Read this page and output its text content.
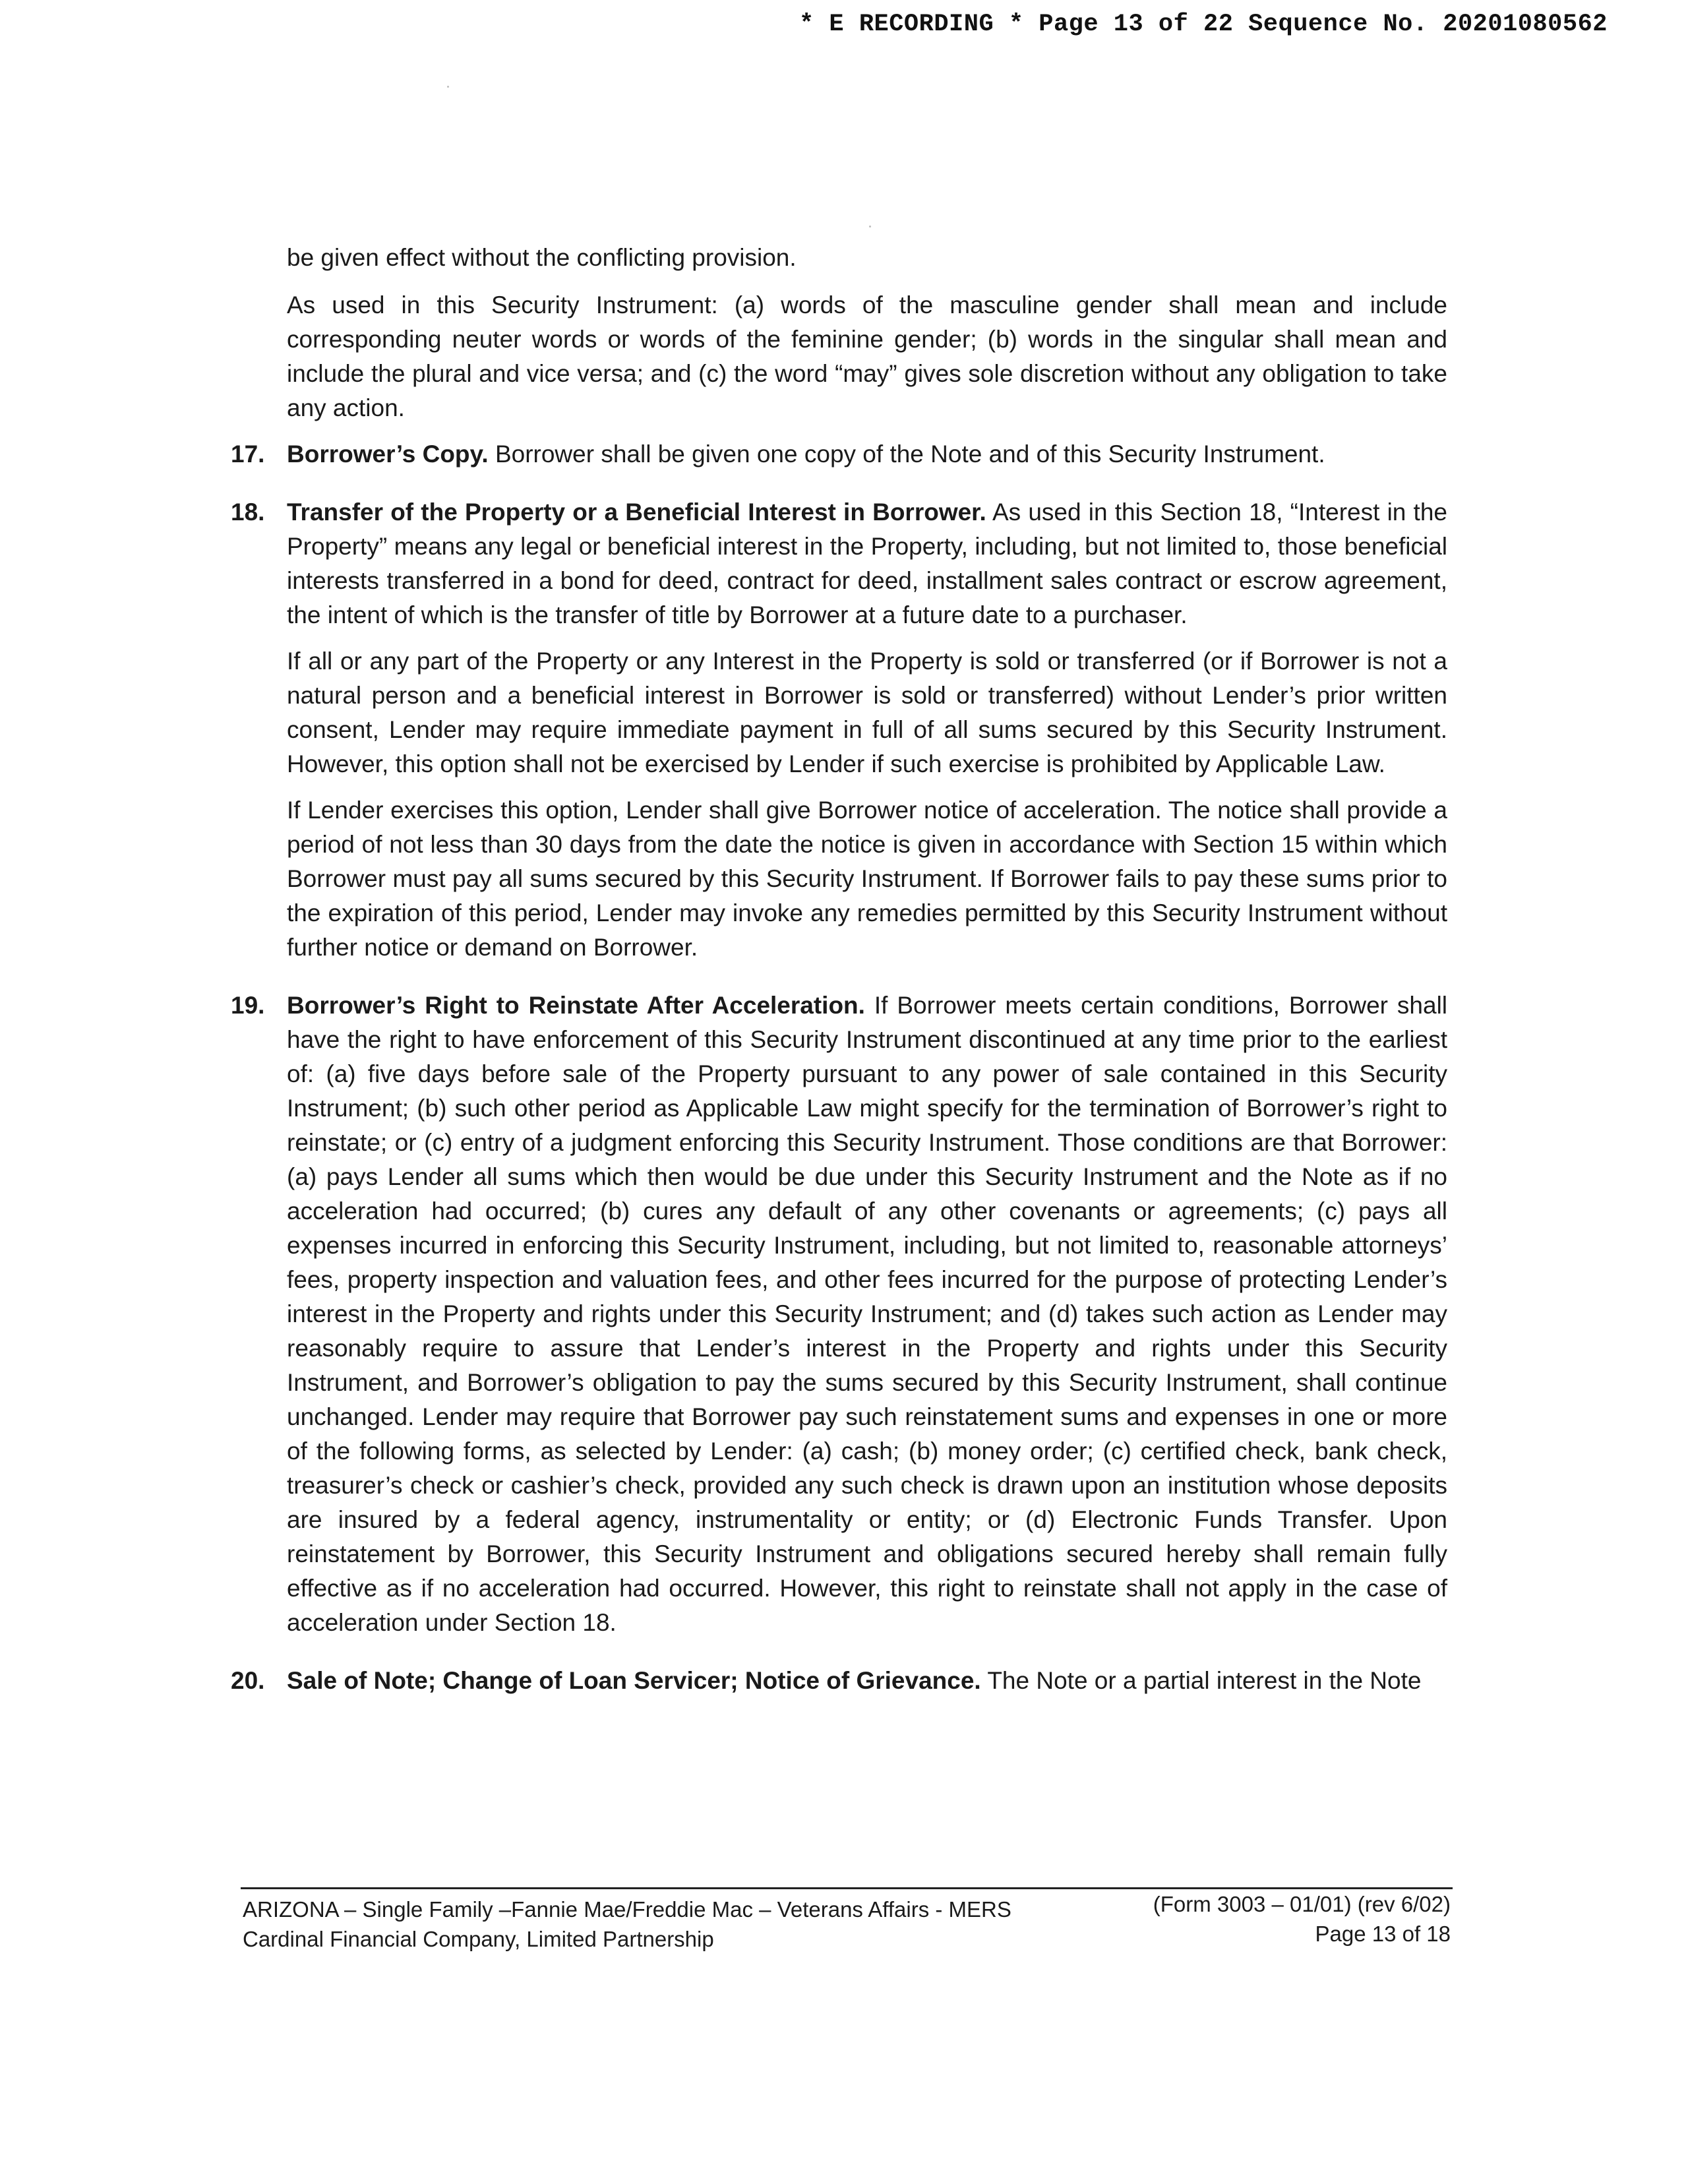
* E RECORDING * Page 13 of 22 Sequence No. 20201080562

be given effect without the conflicting provision.

As used in this Security Instrument: (a) words of the masculine gender shall mean and include corresponding neuter words or words of the feminine gender; (b) words in the singular shall mean and include the plural and vice versa; and (c) the word “may” gives sole discretion without any obligation to take any action.

17. Borrower’s Copy. Borrower shall be given one copy of the Note and of this Security Instrument.

18. Transfer of the Property or a Beneficial Interest in Borrower. As used in this Section 18, “Interest in the Property” means any legal or beneficial interest in the Property, including, but not limited to, those beneficial interests transferred in a bond for deed, contract for deed, installment sales contract or escrow agreement, the intent of which is the transfer of title by Borrower at a future date to a purchaser.

If all or any part of the Property or any Interest in the Property is sold or transferred (or if Borrower is not a natural person and a beneficial interest in Borrower is sold or transferred) without Lender’s prior written consent, Lender may require immediate payment in full of all sums secured by this Security Instrument. However, this option shall not be exercised by Lender if such exercise is prohibited by Applicable Law.

If Lender exercises this option, Lender shall give Borrower notice of acceleration. The notice shall provide a period of not less than 30 days from the date the notice is given in accordance with Section 15 within which Borrower must pay all sums secured by this Security Instrument. If Borrower fails to pay these sums prior to the expiration of this period, Lender may invoke any remedies permitted by this Security Instrument without further notice or demand on Borrower.

19. Borrower’s Right to Reinstate After Acceleration. If Borrower meets certain conditions, Borrower shall have the right to have enforcement of this Security Instrument discontinued at any time prior to the earliest of: (a) five days before sale of the Property pursuant to any power of sale contained in this Security Instrument; (b) such other period as Applicable Law might specify for the termination of Borrower’s right to reinstate; or (c) entry of a judgment enforcing this Security Instrument. Those conditions are that Borrower: (a) pays Lender all sums which then would be due under this Security Instrument and the Note as if no acceleration had occurred; (b) cures any default of any other covenants or agreements; (c) pays all expenses incurred in enforcing this Security Instrument, including, but not limited to, reasonable attorneys’ fees, property inspection and valuation fees, and other fees incurred for the purpose of protecting Lender’s interest in the Property and rights under this Security Instrument; and (d) takes such action as Lender may reasonably require to assure that Lender’s interest in the Property and rights under this Security Instrument, and Borrower’s obligation to pay the sums secured by this Security Instrument, shall continue unchanged. Lender may require that Borrower pay such reinstatement sums and expenses in one or more of the following forms, as selected by Lender: (a) cash; (b) money order; (c) certified check, bank check, treasurer’s check or cashier’s check, provided any such check is drawn upon an institution whose deposits are insured by a federal agency, instrumentality or entity; or (d) Electronic Funds Transfer. Upon reinstatement by Borrower, this Security Instrument and obligations secured hereby shall remain fully effective as if no acceleration had occurred. However, this right to reinstate shall not apply in the case of acceleration under Section 18.

20. Sale of Note; Change of Loan Servicer; Notice of Grievance. The Note or a partial interest in the Note

ARIZONA – Single Family –Fannie Mae/Freddie Mac – Veterans Affairs - MERS
Cardinal Financial Company, Limited Partnership
(Form 3003 – 01/01) (rev 6/02)
Page 13 of 18
